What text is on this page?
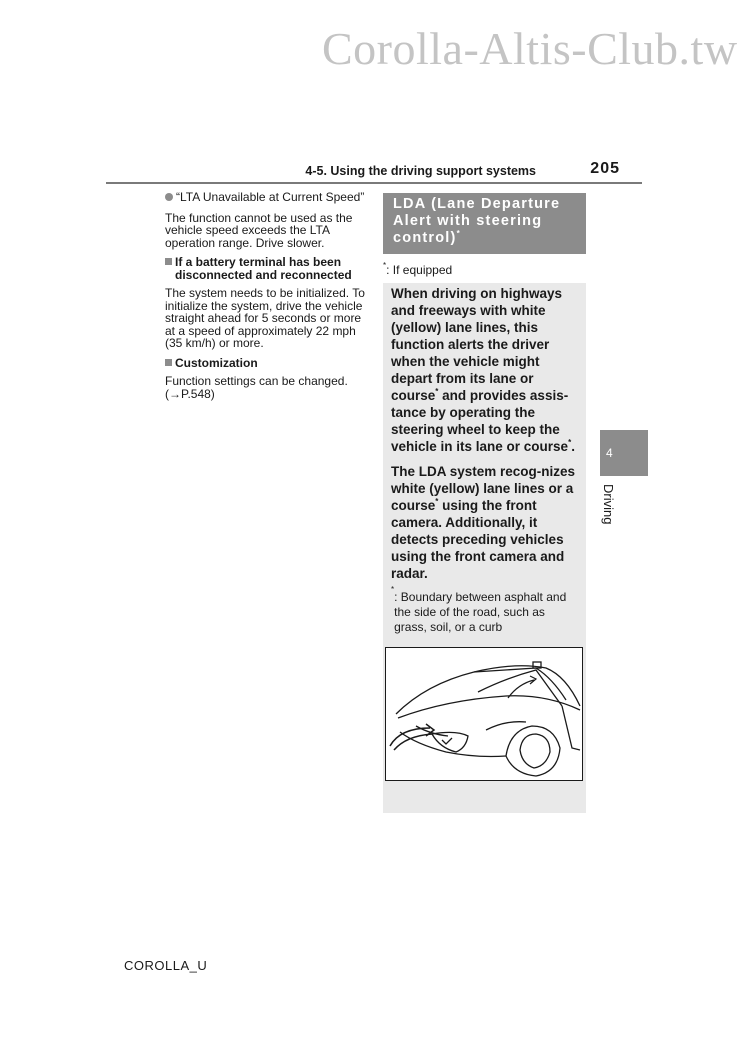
Corolla-Altis-Club.tw
4-5. Using the driving support systems	205
“LTA Unavailable at Current Speed”

The function cannot be used as the vehicle speed exceeds the LTA operation range. Drive slower.

If a battery terminal has been disconnected and reconnected

The system needs to be initialized. To initialize the system, drive the vehicle straight ahead for 5 seconds or more at a speed of approximately 22 mph (35 km/h) or more.

Customization

Function settings can be changed.
(→P.548)

LDA (Lane Departure
Alert with steering
control)*
*: If equipped

When driving on highways and freeways with white (yellow) lane lines, this function alerts the driver when the vehicle might depart from its lane or course* and provides assis-tance by operating the steering wheel to keep the vehicle in its lane or course*.

The LDA system recog-nizes white (yellow) lane lines or a course* using the front camera. Additionally, it detects preceding vehicles using the front camera and radar.

*
: Boundary between asphalt and the side of the road, such as grass, soil, or a curb
4
Driving
COROLLA_U
